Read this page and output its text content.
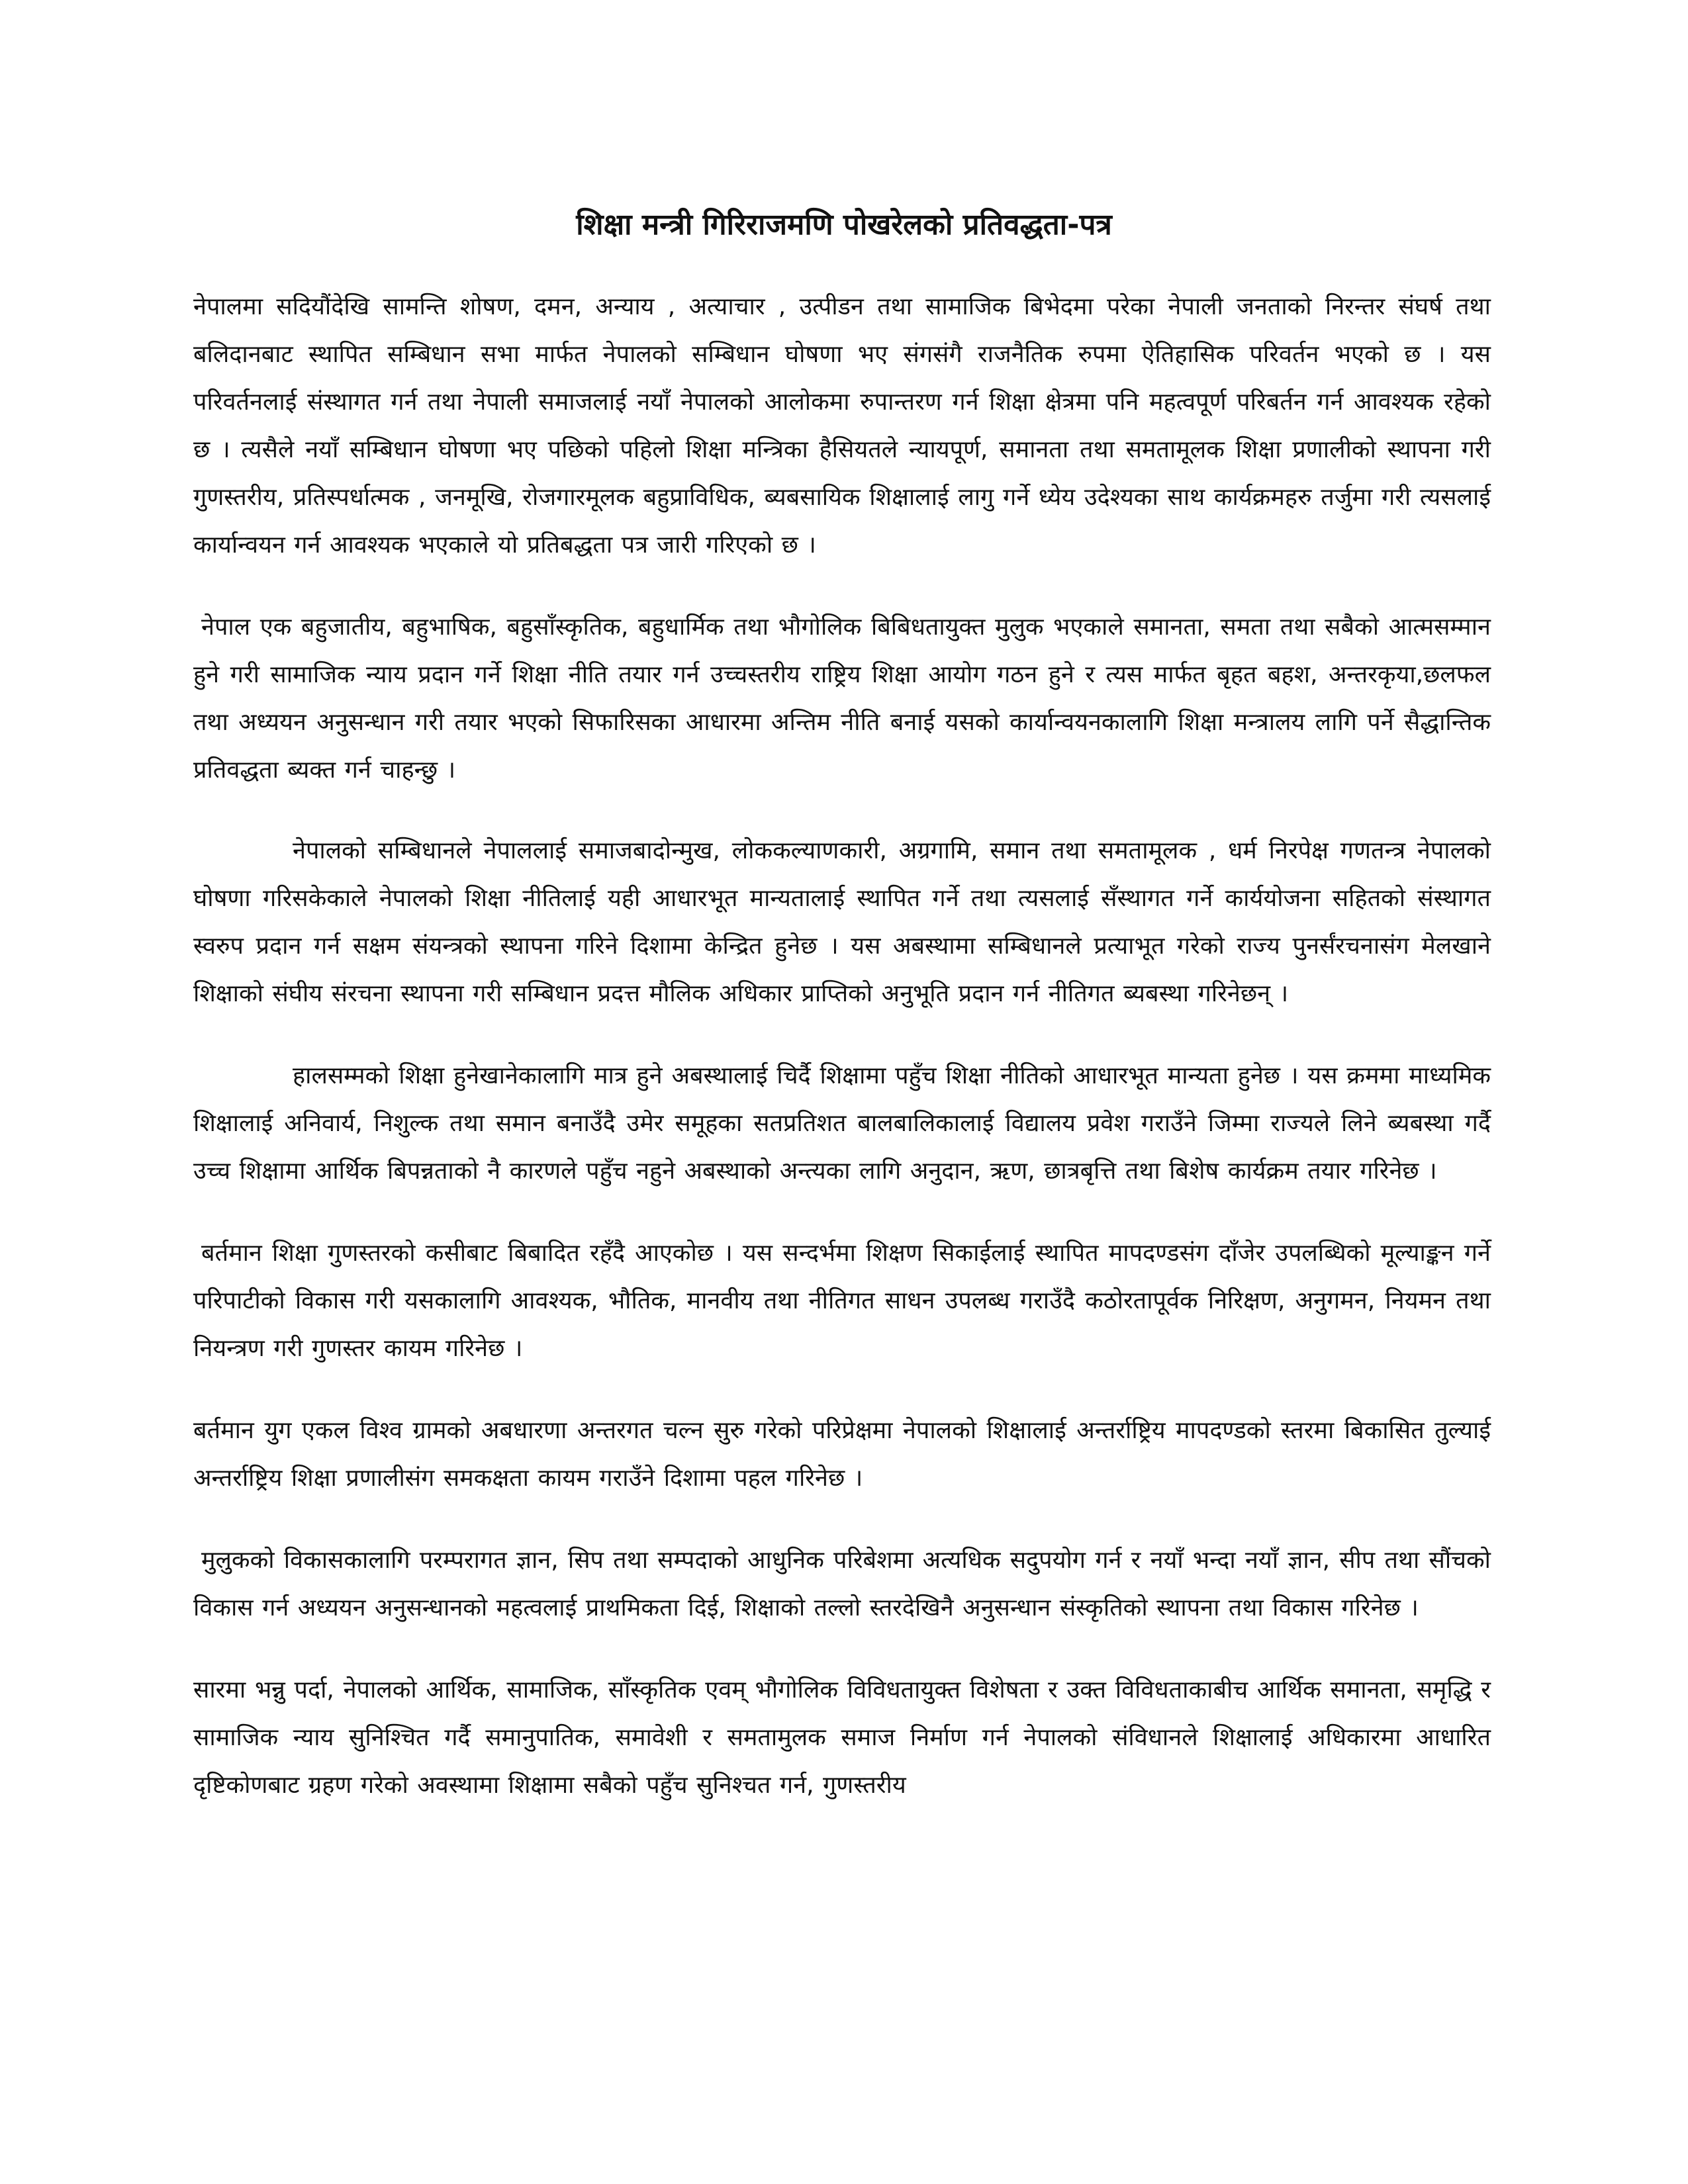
शिक्षा मन्त्री गिरिराजमणि पोखरेलको प्रतिवद्धता-पत्र

नेपालमा सदियौंदेखि सामन्ति शोषण, दमन, अन्याय , अत्याचार , उत्पीडन तथा सामाजिक बिभेदमा परेका नेपाली जनताको निरन्तर संघर्ष तथा बलिदानबाट स्थापित सम्बिधान सभा मार्फत नेपालको सम्बिधान घोषणा भए संगसंगै राजनैतिक रुपमा ऐतिहासिक परिवर्तन भएको छ । यस परिवर्तनलाई संस्थागत गर्न तथा नेपाली समाजलाई नयाँ नेपालको आलोकमा रुपान्तरण गर्न शिक्षा क्षेत्रमा पनि महत्वपूर्ण परिबर्तन गर्न आवश्यक रहेको छ । त्यसैले नयाँ सम्बिधान घोषणा भए पछिको पहिलो शिक्षा मन्त्रिका हैसियतले न्यायपूर्ण, समानता तथा समतामूलक शिक्षा प्रणालीको स्थापना गरी गुणस्तरीय, प्रतिस्पर्धात्मक , जनमूखि, रोजगारमूलक बहुप्राविधिक, ब्यबसायिक शिक्षालाई लागु गर्ने ध्येय उदेश्यका साथ कार्यक्रमहरु तर्जुमा गरी त्यसलाई कार्यान्वयन गर्न आवश्यक भएकाले यो प्रतिबद्धता पत्र जारी गरिएको छ ।

नेपाल एक बहुजातीय, बहुभाषिक, बहुसाँस्कृतिक, बहुधार्मिक तथा भौगोलिक बिबिधतायुक्त मुलुक भएकाले समानता, समता तथा सबैको आत्मसम्मान हुने गरी सामाजिक न्याय प्रदान गर्ने शिक्षा नीति तयार गर्न उच्चस्तरीय राष्ट्रिय शिक्षा आयोग गठन हुने र त्यस मार्फत बृहत बहश, अन्तरकृया,छलफल तथा अध्ययन अनुसन्धान गरी तयार भएको सिफारिसका आधारमा अन्तिम नीति बनाई यसको कार्यान्वयनकालागि शिक्षा मन्त्रालय लागि पर्ने सैद्धान्तिक प्रतिवद्धता ब्यक्त गर्न चाहन्छु ।

नेपालको सम्बिधानले नेपाललाई समाजबादोन्मुख, लोककल्याणकारी, अग्रगामि, समान तथा समतामूलक , धर्म निरपेक्ष गणतन्त्र नेपालको घोषणा गरिसकेकाले नेपालको शिक्षा नीतिलाई यही आधारभूत मान्यतालाई स्थापित गर्ने तथा त्यसलाई सँस्थागत गर्ने कार्ययोजना सहितको संस्थागत स्वरुप प्रदान गर्न सक्षम संयन्त्रको स्थापना गरिने दिशामा केन्द्रित हुनेछ । यस अबस्थामा सम्बिधानले प्रत्याभूत गरेको राज्य पुनर्संरचनासंग मेलखाने शिक्षाको संघीय संरचना स्थापना गरी सम्बिधान प्रदत्त मौलिक अधिकार प्राप्तिको अनुभूति प्रदान गर्न नीतिगत ब्यबस्था गरिनेछन् ।

हालसम्मको शिक्षा हुनेखानेकालागि मात्र हुने अबस्थालाई चिर्दै शिक्षामा पहुँच शिक्षा नीतिको आधारभूत मान्यता हुनेछ । यस क्रममा माध्यमिक शिक्षालाई अनिवार्य, निशुल्क तथा समान बनाउँदै उमेर समूहका सतप्रतिशत बालबालिकालाई विद्यालय प्रवेश गराउँने जिम्मा राज्यले लिने ब्यबस्था गर्दै उच्च शिक्षामा आर्थिक बिपन्नताको नै कारणले पहुँच नहुने अबस्थाको अन्त्यका लागि अनुदान, ऋण, छात्रबृत्ति तथा बिशेष कार्यक्रम तयार गरिनेछ ।

बर्तमान शिक्षा गुणस्तरको कसीबाट बिबादित रहँदै आएकोछ । यस सन्दर्भमा शिक्षण सिकाईलाई स्थापित मापदण्डसंग दाँजेर उपलब्धिको मूल्याङ्कन गर्ने परिपाटीको विकास गरी यसकालागि आवश्यक, भौतिक, मानवीय तथा नीतिगत साधन उपलब्ध गराउँदै कठोरतापूर्वक निरिक्षण, अनुगमन, नियमन तथा नियन्त्रण गरी गुणस्तर कायम गरिनेछ ।

बर्तमान युग एकल विश्व ग्रामको अबधारणा अन्तरगत चल्न सुरु गरेको परिप्रेक्षमा नेपालको शिक्षालाई अन्तर्राष्ट्रिय मापदण्डको स्तरमा बिकासित तुल्याई अन्तर्राष्ट्रिय शिक्षा प्रणालीसंग समकक्षता कायम गराउँने दिशामा पहल गरिनेछ ।

मुलुकको विकासकालागि परम्परागत ज्ञान, सिप तथा सम्पदाको आधुनिक परिबेशमा अत्यधिक सदुपयोग गर्न र नयाँ भन्दा नयाँ ज्ञान, सीप तथा सौंचको विकास गर्न अध्ययन अनुसन्धानको महत्वलाई प्राथमिकता दिई, शिक्षाको तल्लो स्तरदेखिनै अनुसन्धान संस्कृतिको स्थापना तथा विकास गरिनेछ ।

सारमा भन्नु पर्दा, नेपालको आर्थिक, सामाजिक, साँस्कृतिक एवम् भौगोलिक विविधतायुक्त विशेषता र उक्त विविधताकाबीच आर्थिक समानता, समृद्धि र सामाजिक न्याय सुनिश्चित गर्दै समानुपातिक, समावेशी र समतामुलक समाज निर्माण गर्न नेपालको संविधानले शिक्षालाई अधिकारमा आधारित दृष्टिकोणबाट ग्रहण गरेको अवस्थामा शिक्षामा सबैको पहुँच सुनिश्चत गर्न, गुणस्तरीय
